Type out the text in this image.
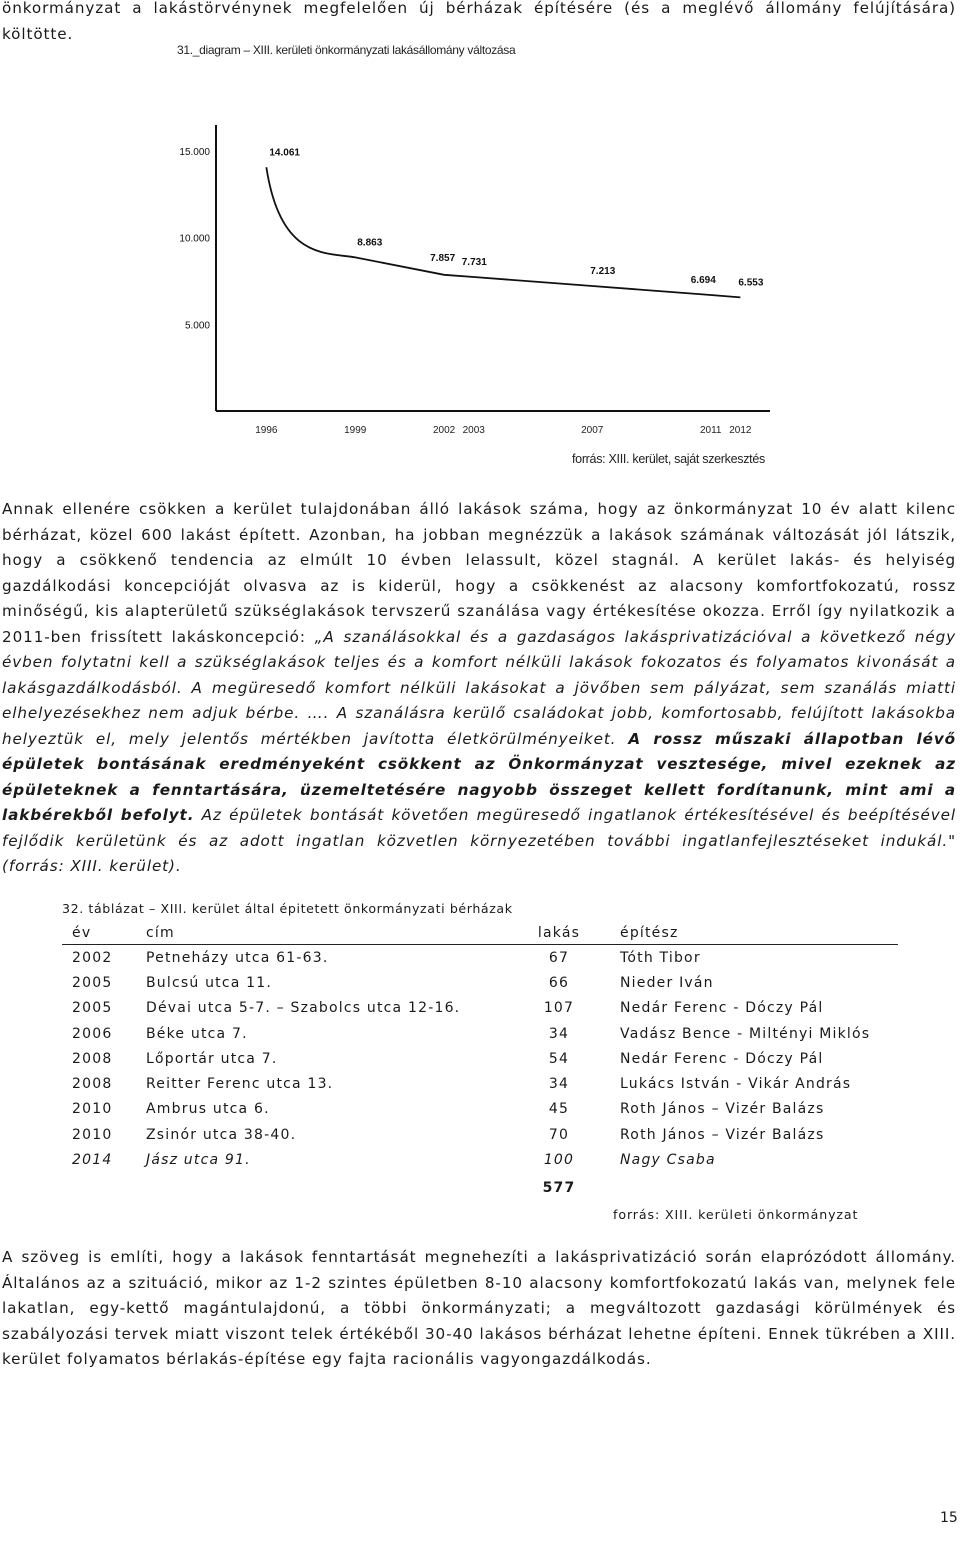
önkormányzat a lakástörvénynek megfelelően új bérházak építésére (és a meglévő állomány felújítására) költötte.

31._diagram – XIII. kerületi önkormányzati lakásállomány változása
15.000
10.000
5.000
1996	1999	2002 2003	2007	2011 2012
14.061
8.863
7.857 7.731
7.213
6.694 6.553
forrás: XIII. kerület, saját szerkesztés

Annak ellenére csökken a kerület tulajdonában álló lakások száma, hogy az önkormányzat 10 év alatt kilenc bérházat, közel 600 lakást épített. Azonban, ha jobban megnézzük a lakások számának változását jól látszik, hogy a csökkenő tendencia az elmúlt 10 évben lelassult, közel stagnál. A kerület lakás- és helyiség gazdálkodási koncepcióját olvasva az is kiderül, hogy a csökkenést az alacsony komfortfokozatú, rossz minőségű, kis alapterületű szükséglakások tervszerű szanálása vagy értékesítése okozza. Erről így nyilatkozik a 2011-ben frissített lakáskoncepció: „A szanálásokkal és a gazdaságos lakásprivatizációval a következő négy évben folytatni kell a szükséglakások teljes és a komfort nélküli lakások fokozatos és folyamatos kivonását a lakásgazdálkodásból. A megüresedő komfort nélküli lakásokat a jövőben sem pályázat, sem szanálás miatti elhelyezésekhez nem adjuk bérbe. …. A szanálásra kerülő családokat jobb, komfortosabb, felújított lakásokba helyeztük el, mely jelentős mértékben javította életkörülményeiket. A rossz műszaki állapotban lévő épületek bontásának eredményeként csökkent az Önkormányzat vesztesége, mivel ezeknek az épületeknek a fenntartására, üzemeltetésére nagyobb összeget kellett fordítanunk, mint ami a lakbérekből befolyt. Az épületek bontását követően megüresedő ingatlanok értékesítésével és beépítésével fejlődik kerületünk és az adott ingatlan közvetlen környezetében további ingatlanfejlesztéseket indukál."(forrás: XIII. kerület).

32. táblázat – XIII. kerület által épitetett önkormányzati bérházak
év	cím	lakás	építész
2002	Petneházy utca 61-63.	67	Tóth Tibor
2005	Bulcsú utca 11.	66	Nieder Iván
2005	Dévai utca 5-7. – Szabolcs utca 12-16.	107	Nedár Ferenc - Dóczy Pál
2006	Béke utca 7.	34	Vadász Bence - Miltényi Miklós
2008	Lőportár utca 7.	54	Nedár Ferenc - Dóczy Pál
2008	Reitter Ferenc utca 13.	34	Lukács István - Vikár András
2010	Ambrus utca 6.	45	Roth János – Vizér Balázs
2010	Zsinór utca 38-40.	70	Roth János – Vizér Balázs
2014	Jász utca 91.	100	Nagy Csaba
		577	
forrás: XIII. kerületi önkormányzat

A szöveg is említi, hogy a lakások fenntartását megnehezíti a lakásprivatizáció során elaprózódott állomány. Általános az a szituáció, mikor az 1-2 szintes épületben 8-10 alacsony komfortfokozatú lakás van, melynek fele lakatlan, egy-kettő magántulajdonú, a többi önkormányzati; a megváltozott gazdasági körülmények és szabályozási tervek miatt viszont telek értékéből 30-40 lakásos bérházat lehetne építeni. Ennek tükrében a XIII. kerület folyamatos bérlakás-építése egy fajta racionális vagyongazdálkodás.

15
